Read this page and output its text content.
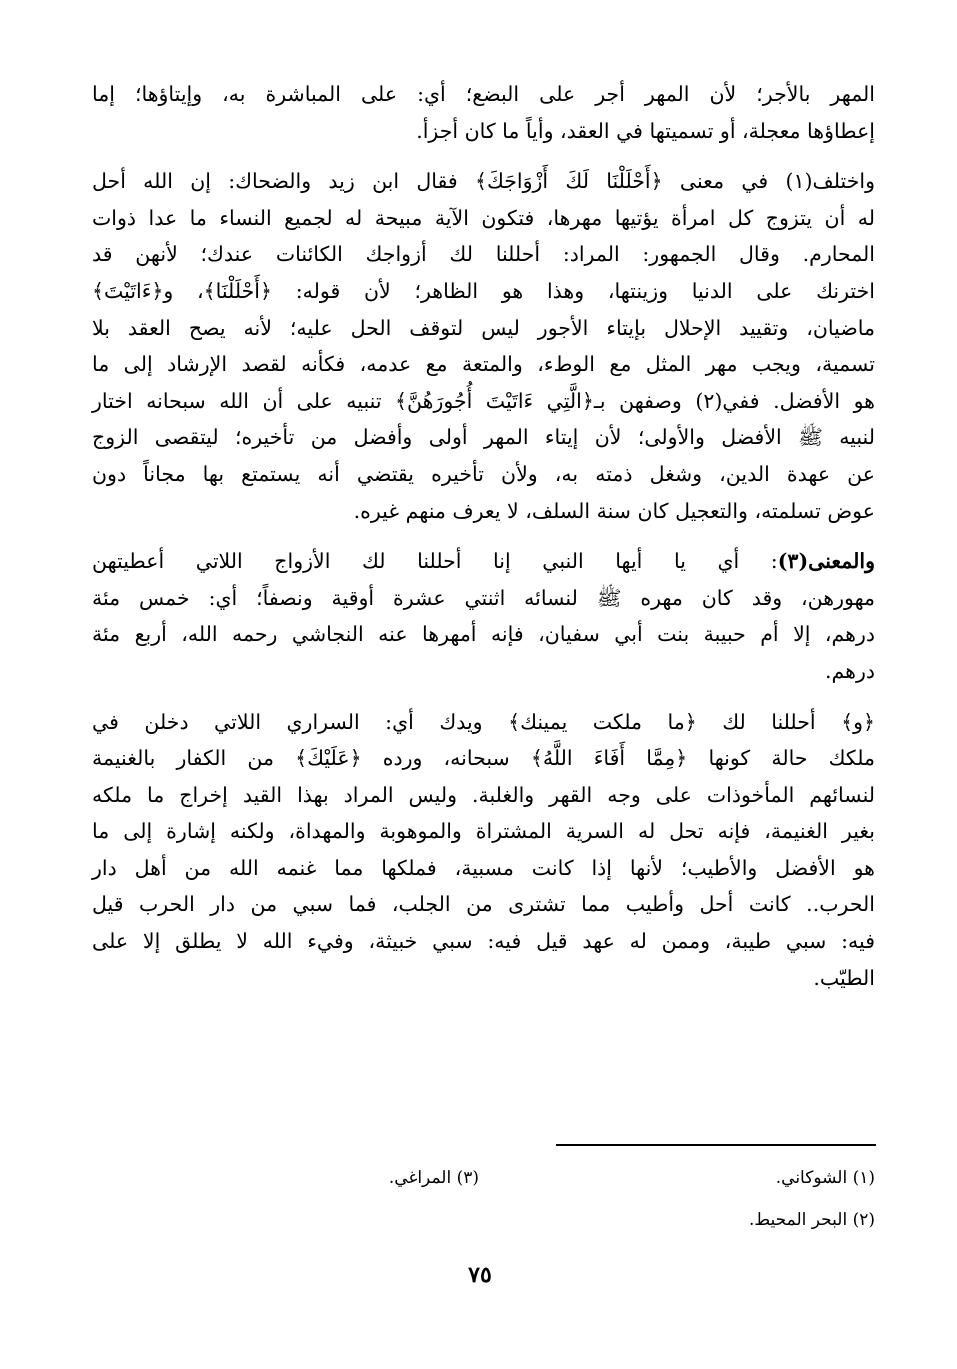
المهر بالأجر؛ لأن المهر أجر على البضع؛ أي: على المباشرة به، وإيتاؤها؛ إما
إعطاؤها معجلة، أو تسميتها في العقد، وأياً ما كان أجزأ.
واختلف(١) في معنى ﴿أَحْلَلْنَا لَكَ أَزْوَاجَكَ﴾ فقال ابن زيد والضحاك: إن الله أحل
له أن يتزوج كل امرأة يؤتيها مهرها، فتكون الآية مبيحة له لجميع النساء ما عدا ذوات
المحارم. وقال الجمهور: المراد: أحللنا لك أزواجك الكائنات عندك؛ لأنهن قد
اخترنك على الدنيا وزينتها، وهذا هو الظاهر؛ لأن قوله: ﴿أَحْلَلْنَا﴾، و﴿ءَاتَيْتَ﴾
ماضيان، وتقييد الإحلال بإيتاء الأجور ليس لتوقف الحل عليه؛ لأنه يصح العقد بلا
تسمية، ويجب مهر المثل مع الوطء، والمتعة مع عدمه، فكأنه لقصد الإرشاد إلى ما
هو الأفضل. ففي(٢) وصفهن بـ﴿الَّتِي ءَاتَيْتَ أُجُورَهُنَّ﴾ تنبيه على أن الله سبحانه اختار
لنبيه ﷺ الأفضل والأولى؛ لأن إيتاء المهر أولى وأفضل من تأخيره؛ ليتقصى الزوج
عن عهدة الدين، وشغل ذمته به، ولأن تأخيره يقتضي أنه يستمتع بها مجاناً دون
عوض تسلمته، والتعجيل كان سنة السلف، لا يعرف منهم غيره.
والمعنى(٣): أي يا أيها النبي إنا أحللنا لك الأزواج اللاتي أعطيتهن
مهورهن، وقد كان مهره ﷺ لنسائه اثنتي عشرة أوقية ونصفاً؛ أي: خمس مئة
درهم، إلا أم حبيبة بنت أبي سفيان، فإنه أمهرها عنه النجاشي رحمه الله، أربع مئة
درهم.
﴿و﴾ أحللنا لك ﴿ما ملكت يمينك﴾ ويدك أي: السراري اللاتي دخلن في
ملكك حالة كونها ﴿مِمَّا أَفَاءَ اللَّهُ﴾ سبحانه، ورده ﴿عَلَيْكَ﴾ من الكفار بالغنيمة
لنسائهم المأخوذات على وجه القهر والغلبة. وليس المراد بهذا القيد إخراج ما ملكه
بغير الغنيمة، فإنه تحل له السرية المشتراة والموهوبة والمهداة، ولكنه إشارة إلى ما
هو الأفضل والأطيب؛ لأنها إذا كانت مسبية، فملكها مما غنمه الله من أهل دار
الحرب.. كانت أحل وأطيب مما تشترى من الجلب، فما سبي من دار الحرب قيل
فيه: سبي طيبة، وممن له عهد قيل فيه: سبي خبيثة، وفيء الله لا يطلق إلا على
الطيّب.
(١) الشوكاني.
(٢) البحر المحيط.
(٣) المراغي.
٧٥
